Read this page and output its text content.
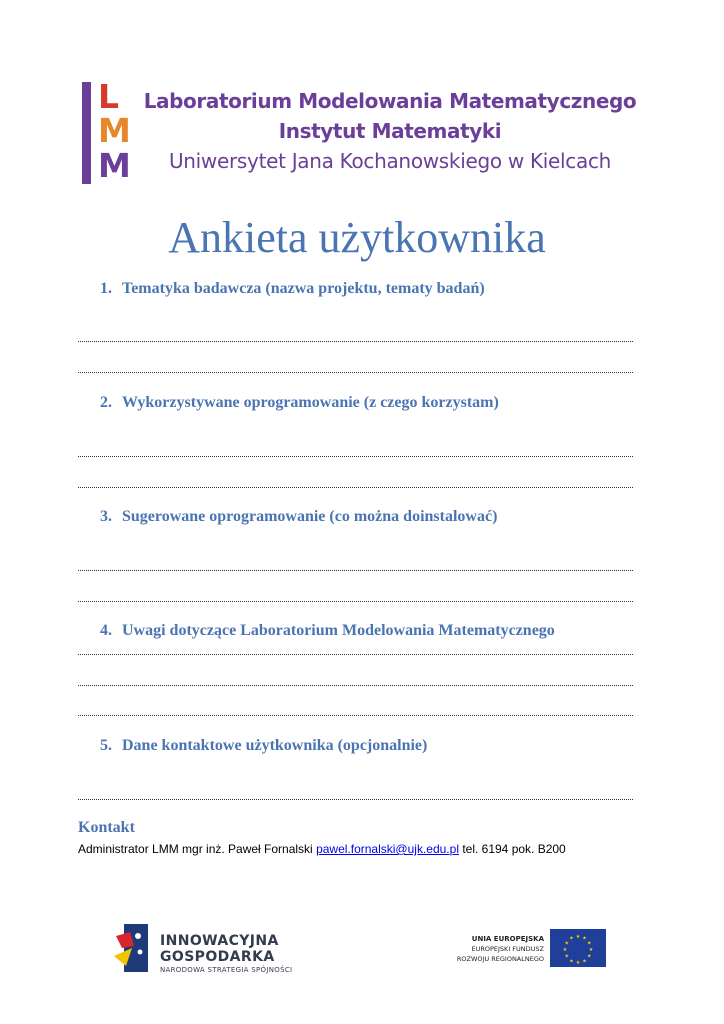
L
M
M
Laboratorium Modelowania Matematycznego
Instytut Matematyki
Uniwersytet Jana Kochanowskiego w Kielcach
Ankieta użytkownika
1. Tematyka badawcza (nazwa projektu, tematy badań)
2. Wykorzystywane oprogramowanie (z czego korzystam)
3. Sugerowane oprogramowanie (co można doinstalować)
4. Uwagi dotyczące Laboratorium Modelowania Matematycznego
5. Dane kontaktowe użytkownika (opcjonalnie)
Kontakt
Administrator LMM mgr inż. Paweł Fornalski pawel.fornalski@ujk.edu.pl tel. 6194 pok. B200
INNOWACYJNA
GOSPODARKA
NARODOWA STRATEGIA SPÓJNOŚCI
UNIA EUROPEJSKA
EUROPEJSKI FUNDUSZ
ROZWOJU REGIONALNEGO
★ ★
★
★
★
★
★
★
★
★
★
★
